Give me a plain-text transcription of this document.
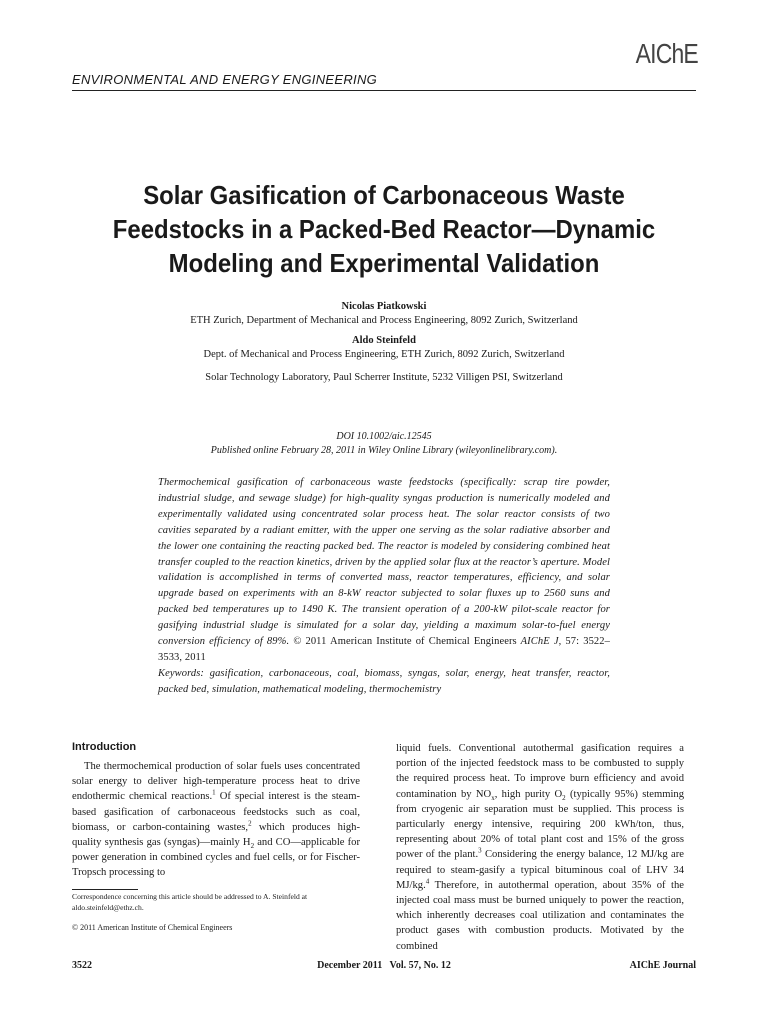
AIChE
ENVIRONMENTAL AND ENERGY ENGINEERING
Solar Gasification of Carbonaceous Waste
Feedstocks in a Packed-Bed Reactor—Dynamic
Modeling and Experimental Validation

Nicolas Piatkowski

ETH Zurich, Department of Mechanical and Process Engineering, 8092 Zurich, Switzerland

Aldo Steinfeld

Dept. of Mechanical and Process Engineering, ETH Zurich, 8092 Zurich, Switzerland

Solar Technology Laboratory, Paul Scherrer Institute, 5232 Villigen PSI, Switzerland

DOI 10.1002/aic.12545
Published online February 28, 2011 in Wiley Online Library (wileyonlinelibrary.com).
Thermochemical gasification of carbonaceous waste feedstocks (specifically: scrap tire powder, industrial sludge, and sewage sludge) for high-quality syngas production is numerically modeled and experimentally validated using concentrated solar process heat. The solar reactor consists of two cavities separated by a radiant emitter, with the upper one serving as the solar radiative absorber and the lower one containing the reacting packed bed. The reactor is modeled by considering combined heat transfer coupled to the reaction kinetics, driven by the applied solar flux at the reactor’s aperture. Model validation is accomplished in terms of converted mass, reactor temperatures, efficiency, and solar upgrade based on experiments with an 8-kW reactor subjected to solar fluxes up to 2560 suns and packed bed temperatures up to 1490 K. The transient operation of a 200-kW pilot-scale reactor for gasifying industrial sludge is simulated for a solar day, yielding a maximum solar-to-fuel energy conversion efficiency of 89%. © 2011 American Institute of Chemical Engineers AIChE J, 57: 3522–3533, 2011
Keywords: gasification, carbonaceous, coal, biomass, syngas, solar, energy, heat transfer, reactor, packed bed, simulation, mathematical modeling, thermochemistry
Introduction

The thermochemical production of solar fuels uses concentrated solar energy to deliver high-temperature process heat to drive endothermic chemical reactions.$^1$ Of special interest is the steam-based gasification of carbonaceous feedstocks such as coal, biomass, or carbon-containing wastes,$^2$ which produces high-quality synthesis gas (syngas)—mainly $H_2$ and CO—applicable for power generation in combined cycles and fuel cells, or for Fischer-Tropsch processing to

liquid fuels. Conventional autothermal gasification requires a portion of the injected feedstock mass to be combusted to supply the required process heat. To improve burn efficiency and avoid contamination by $NO_x$, high purity $O_2$ (typically 95%) stemming from cryogenic air separation must be supplied. This process is particularly energy intensive, requiring 200 kWh/ton, thus, representing about 20% of total plant cost and 15% of the gross power of the plant.$^3$ Considering the energy balance, 12 MJ/kg are required to steam-gasify a typical bituminous coal of LHV 34 MJ/kg.$^4$ Therefore, in autothermal operation, about 35% of the injected coal mass must be burned uniquely to power the reaction, which inherently decreases coal utilization and contaminates the product gases with combustion products. Motivated by the combined

Correspondence concerning this article should be addressed to A. Steinfeld at aldo.steinfeld@ethz.ch.
© 2011 American Institute of Chemical Engineers
3522	December 2011   Vol. 57, No. 12	AIChE Journal
